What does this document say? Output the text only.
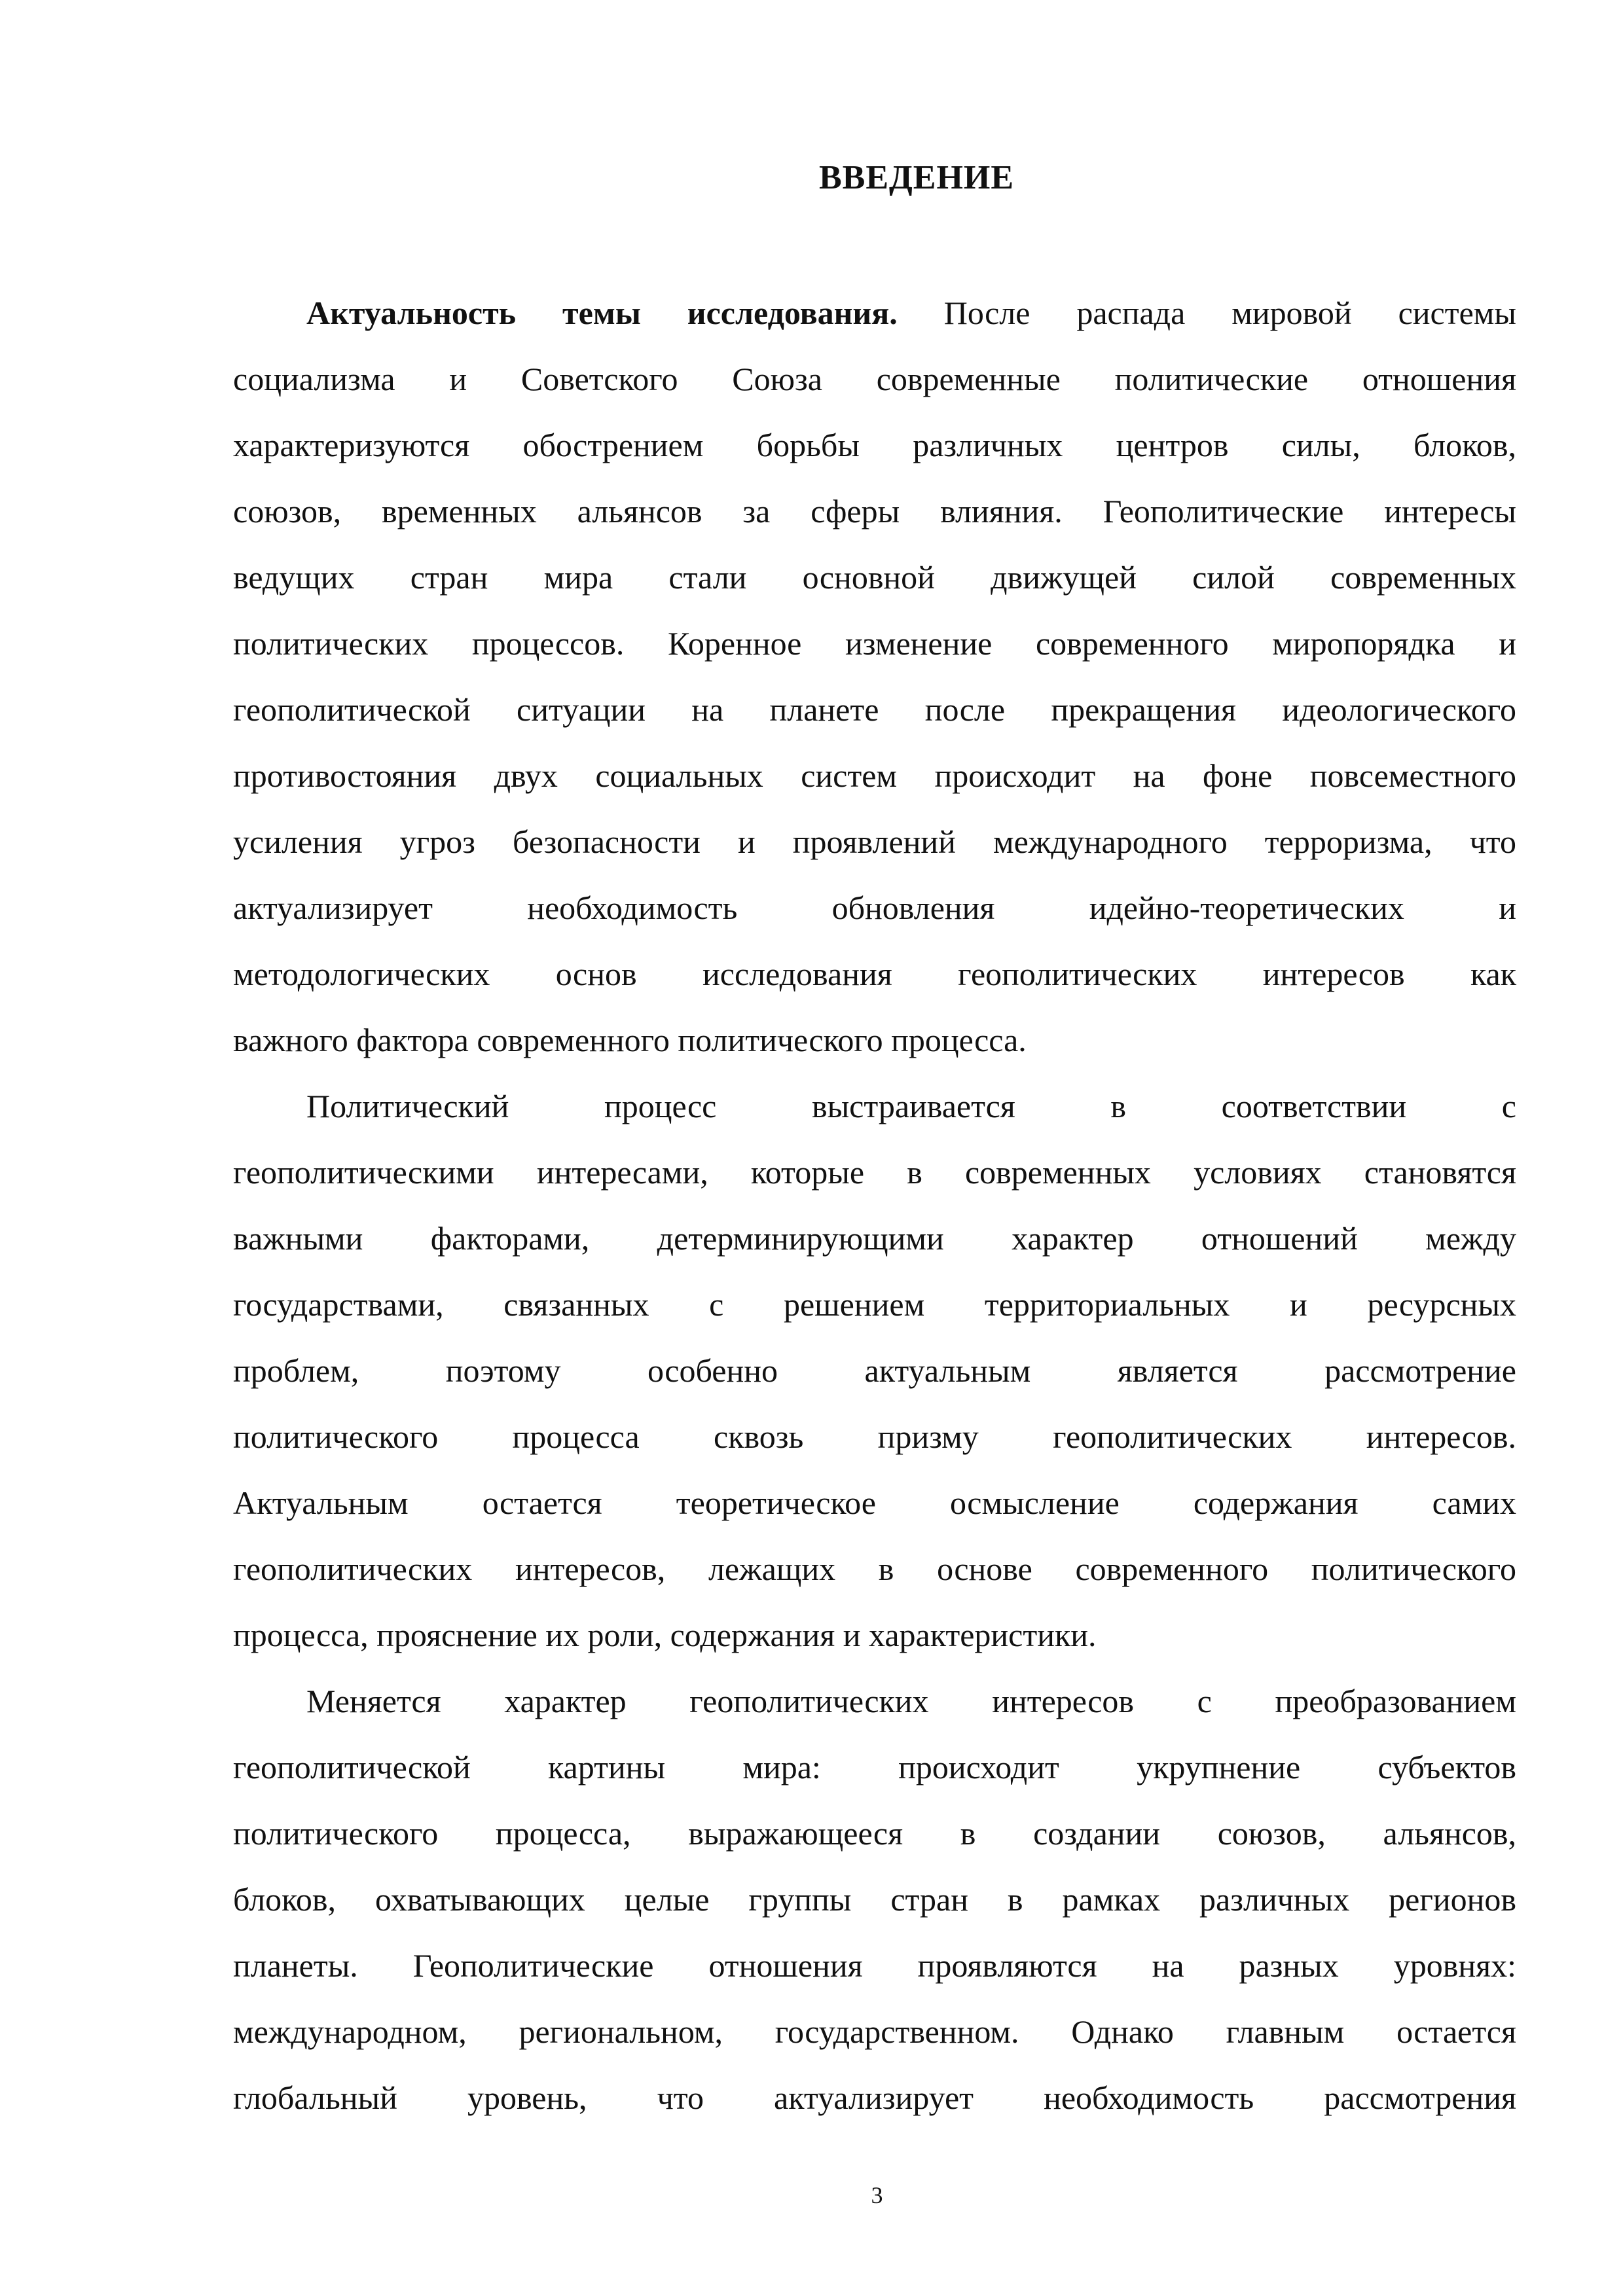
ВВЕДЕНИЕ
Актуальность темы исследования. После распада мировой системы
социализма и Советского Союза современные политические отношения
характеризуются обострением борьбы различных центров силы, блоков,
союзов, временных альянсов за сферы влияния. Геополитические интересы
ведущих стран мира стали основной движущей силой современных
политических процессов. Коренное изменение современного миропорядка и
геополитической ситуации на планете после прекращения идеологического
противостояния двух социальных систем происходит на фоне повсеместного
усиления угроз безопасности и проявлений международного терроризма, что
актуализирует необходимость обновления идейно-теоретических и
методологических основ исследования геополитических интересов как
важного фактора современного политического процесса.
Политический процесс выстраивается в соответствии с
геополитическими интересами, которые в современных условиях становятся
важными факторами, детерминирующими характер отношений между
государствами, связанных с решением территориальных и ресурсных
проблем, поэтому особенно актуальным является рассмотрение
политического процесса сквозь призму геополитических интересов.
Актуальным остается теоретическое осмысление содержания самих
геополитических интересов, лежащих в основе современного политического
процесса, прояснение их роли, содержания и характеристики.
Меняется характер геополитических интересов с преобразованием
геополитической картины мира: происходит укрупнение субъектов
политического процесса, выражающееся в создании союзов, альянсов,
блоков, охватывающих целые группы стран в рамках различных регионов
планеты. Геополитические отношения проявляются на разных уровнях:
международном, региональном, государственном. Однако главным остается
глобальный уровень, что актуализирует необходимость рассмотрения
3
